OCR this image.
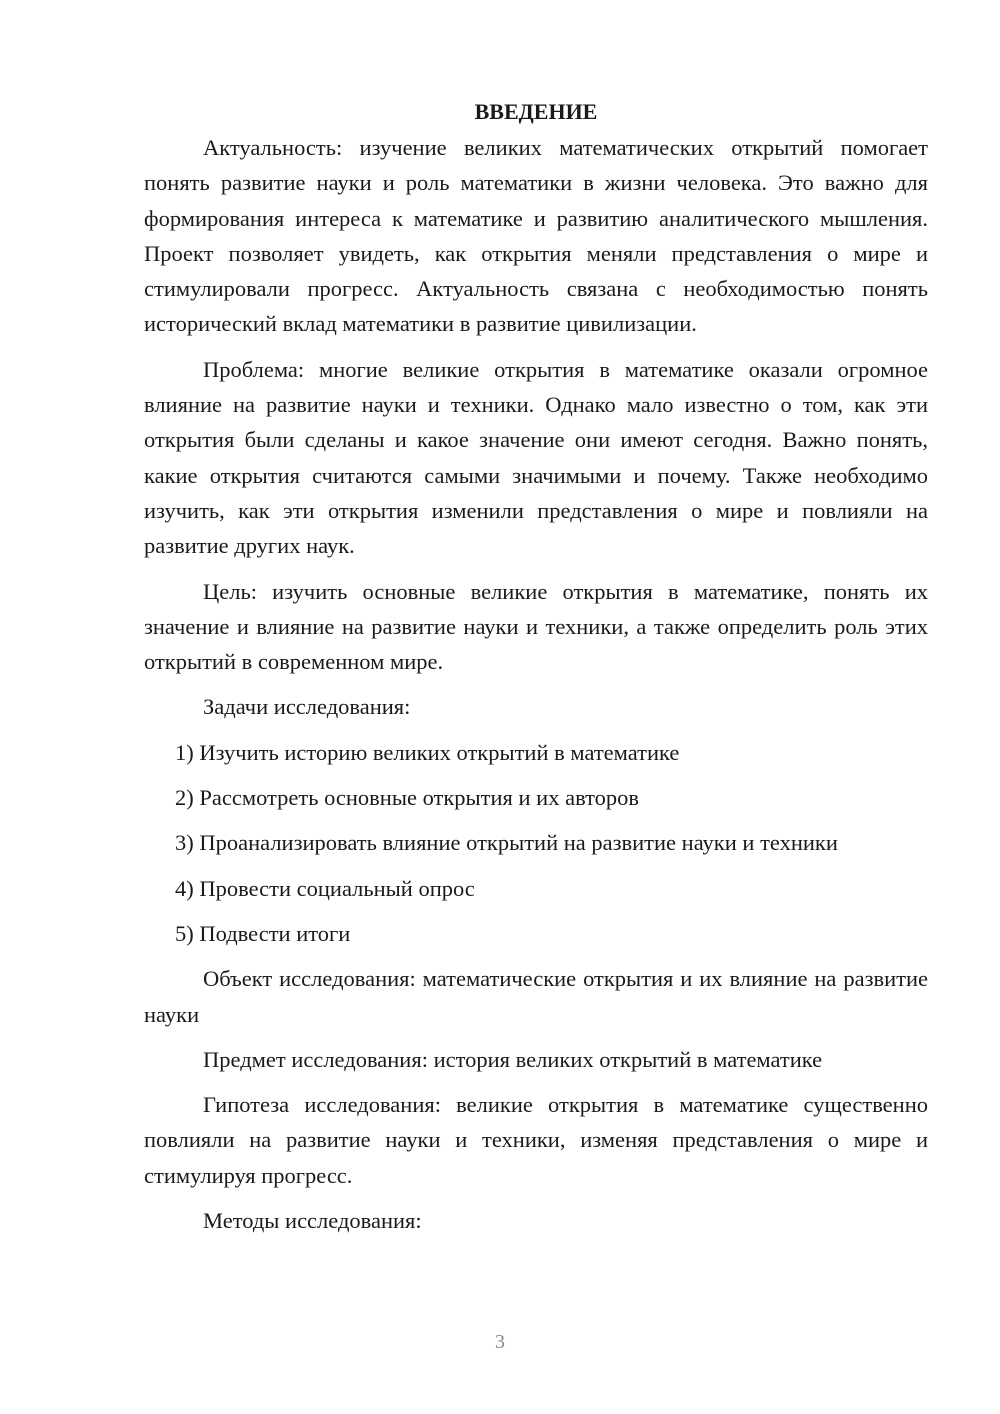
ВВЕДЕНИЕ

Актуальность: изучение великих математических открытий помогает понять развитие науки и роль математики в жизни человека. Это важно для формирования интереса к математике и развитию аналитического мышления. Проект позволяет увидеть, как открытия меняли представления о мире и стимулировали прогресс. Актуальность связана с необходимостью понять исторический вклад математики в развитие цивилизации.

Проблема: многие великие открытия в математике оказали огромное влияние на развитие науки и техники. Однако мало известно о том, как эти открытия были сделаны и какое значение они имеют сегодня. Важно понять, какие открытия считаются самыми значимыми и почему. Также необходимо изучить, как эти открытия изменили представления о мире и повлияли на развитие других наук.

Цель: изучить основные великие открытия в математике, понять их значение и влияние на развитие науки и техники, а также определить роль этих открытий в современном мире.

Задачи исследования:

1) Изучить историю великих открытий в математике

2) Рассмотреть основные открытия и их авторов

3) Проанализировать влияние открытий на развитие науки и техники

4) Провести социальный опрос

5) Подвести итоги

Объект исследования: математические открытия и их влияние на развитие науки

Предмет исследования: история великих открытий в математике

Гипотеза исследования: великие открытия в математике существенно повлияли на развитие науки и техники, изменяя представления о мире и стимулируя прогресс.

Методы исследования:

3
